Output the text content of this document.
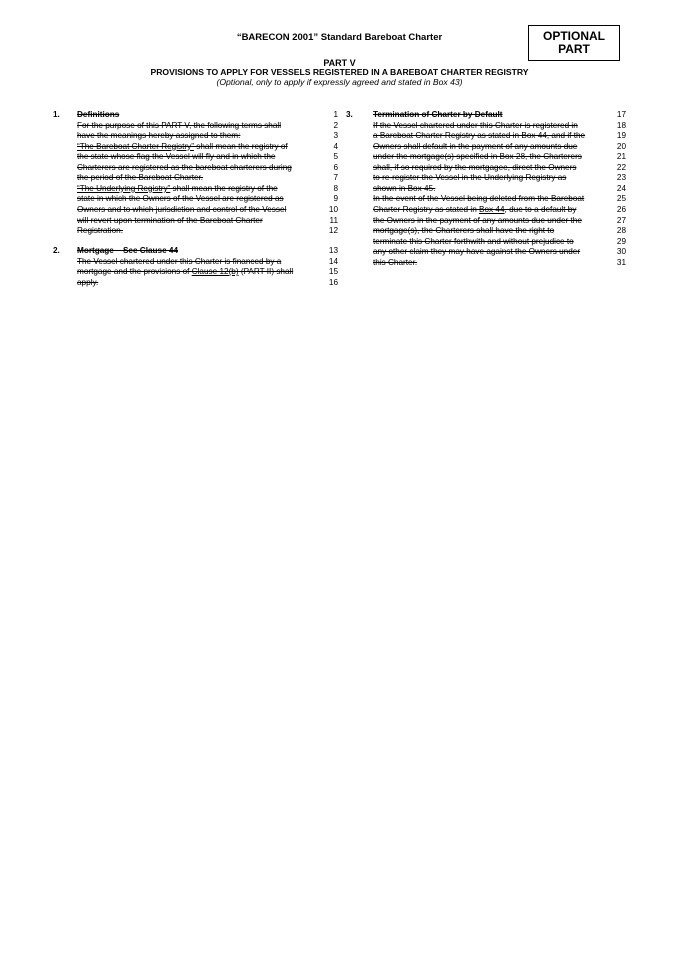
“BARECON 2001” Standard Bareboat Charter	OPTIONAL
PART
PART V
PROVISIONS TO APPLY FOR VESSELS REGISTERED IN A BAREBOAT CHARTER REGISTRY
(Optional, only to apply if expressly agreed and stated in Box 43)
1. Definitions	1
For the purpose of this PART V, the following terms shall	2
have the meanings hereby assigned to them:	3
“The Bareboat Charter Registry” shall mean the registry of	4
the state whose flag the Vessel will fly and in which the	5
Charterers are registered as the bareboat charterers during	6
the period of the Bareboat Charter.	7
“The Underlying Registry” shall mean the registry of the	8
state in which the Owners of the Vessel are registered as	9
Owners and to which jurisdiction and control of the Vessel	10
will revert upon termination of the Bareboat Charter	11
Registration.	12
2. Mortgage – See Clause 44	13
The Vessel chartered under this Charter is financed by a	14
mortgage and the provisions of Clause 12(b) (PART II) shall	15
apply.	16
3. Termination of Charter by Default	17
If the Vessel chartered under this Charter is registered in	18
a Bareboat Charter Registry as stated in Box 44, and if the	19
Owners shall default in the payment of any amounts due	20
under the mortgage(s) specified in Box 28, the Charterers	21
shall, if so required by the mortgagee, direct the Owners	22
to re-register the Vessel in the Underlying Registry as	23
shown in Box 45.	24
In the event of the Vessel being deleted from the Bareboat	25
Charter Registry as stated in Box 44, due to a default by	26
the Owners in the payment of any amounts due under the	27
mortgage(s), the Charterers shall have the right to	28
terminate this Charter forthwith and without prejudice to	29
any other claim they may have against the Owners under	30
this Charter.	31
